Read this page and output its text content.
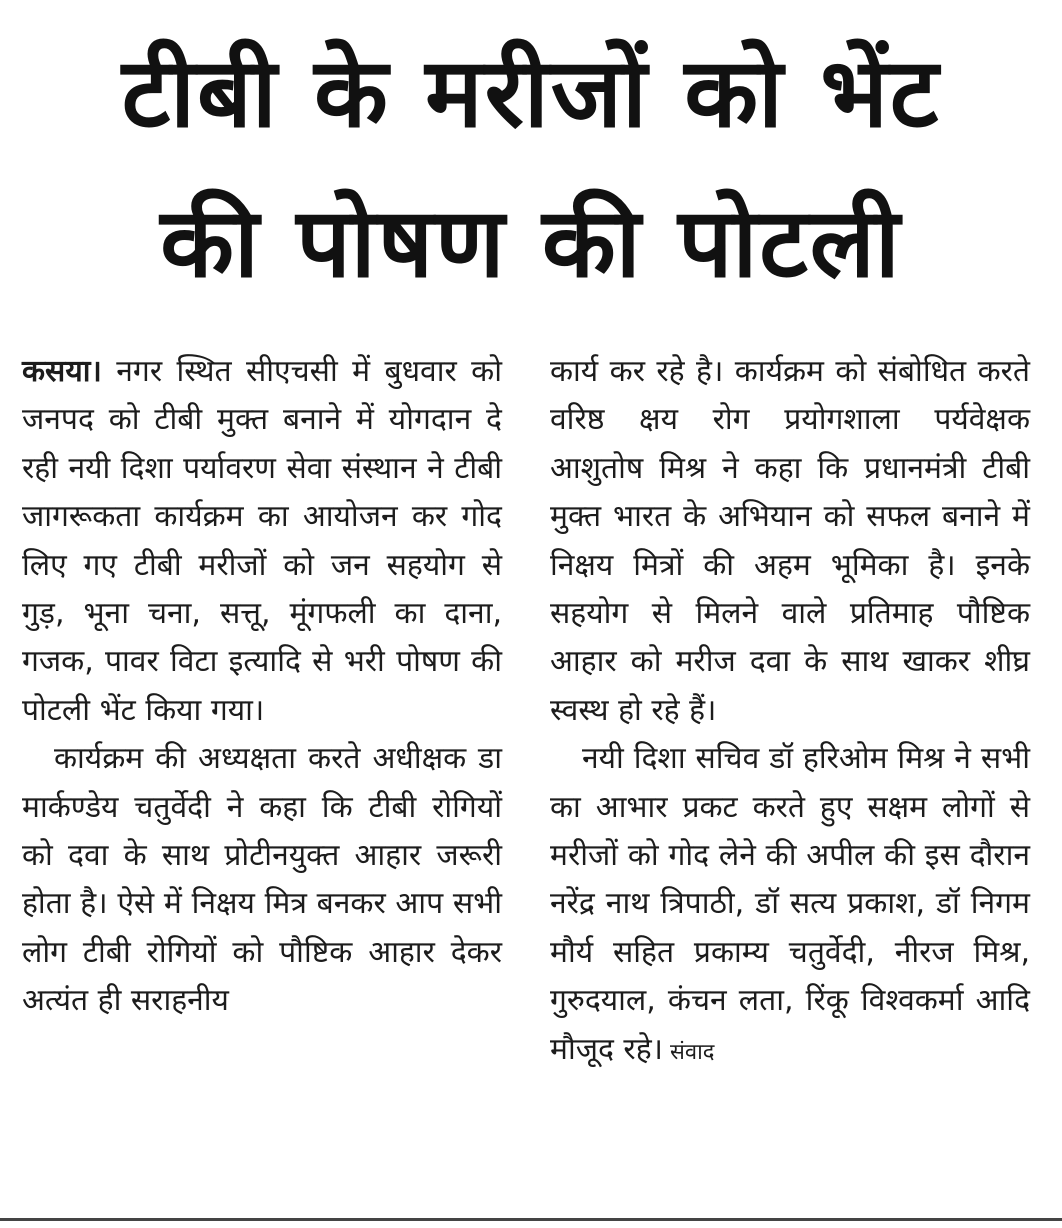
टीबी के मरीजों को भेंट
की पोषण की पोटली

कसया। नगर स्थित सीएचसी में बुधवार को जनपद को टीबी मुक्त बनाने में योगदान दे रही नयी दिशा पर्यावरण सेवा संस्थान ने टीबी जागरूकता कार्यक्रम का आयोजन कर गोद लिए गए टीबी मरीजों को जन सहयोग से गुड़, भूना चना, सत्तू, मूंगफली का दाना, गजक, पावर विटा इत्यादि से भरी पोषण की पोटली भेंट किया गया।

कार्यक्रम की अध्यक्षता करते अधीक्षक डा मार्कण्डेय चतुर्वेदी ने कहा कि टीबी रोगियों को दवा के साथ प्रोटीनयुक्त आहार जरूरी होता है। ऐसे में निक्षय मित्र बनकर आप सभी लोग टीबी रोगियों को पौष्टिक आहार देकर अत्यंत ही सराहनीय

कार्य कर रहे है। कार्यक्रम को संबोधित करते वरिष्ठ क्षय रोग प्रयोगशाला पर्यवेक्षक आशुतोष मिश्र ने कहा कि प्रधानमंत्री टीबी मुक्त भारत के अभियान को सफल बनाने में निक्षय मित्रों की अहम भूमिका है। इनके सहयोग से मिलने वाले प्रतिमाह पौष्टिक आहार को मरीज दवा के साथ खाकर शीघ्र स्वस्थ हो रहे हैं।

नयी दिशा सचिव डॉ हरिओम मिश्र ने सभी का आभार प्रकट करते हुए सक्षम लोगों से मरीजों को गोद लेने की अपील की इस दौरान नरेंद्र नाथ त्रिपाठी, डॉ सत्य प्रकाश, डॉ निगम मौर्य सहित प्रकाम्य चतुर्वेदी, नीरज मिश्र, गुरुदयाल, कंचन लता, रिंकू विश्वकर्मा आदि मौजूद रहे। संवाद
